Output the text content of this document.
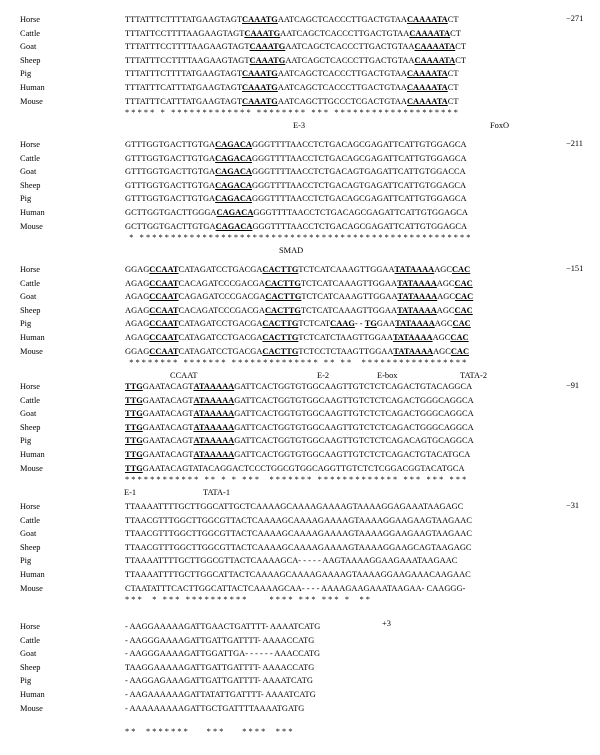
−271
Horse	TTTATTTCTTTTATGAAGTAGTCAAATGAATCAGCTCACCCTTGACTGTAACAAAATACT
Cattle	TTTATTCCTTTTAAGAAGTAGTCAAATGAATCAGCTCACCCTTGACTGTAACAAAATACT
Goat	TTTATTTCCTTTTAAGAAGTAGTCAAATGAATCAGCTCACCCTTGACTGTAACAAAATACT
Sheep	TTTATTTCCTTTTAAGAAGTAGTCAAATGAATCAGCTCACCCTTGACTGTAACAAAATACT
Pig	TTTATTTCTTTTATGAAGTAGTCAAATGAATCAGCTCACCCTTGACTGTAACAAAATACT
Human	TTTATTTCATTTATGAAGTAGTCAAATGAATCAGCTCACCCTTGACTGTAACAAAATACT
Mouse	TTTATTTCATTTATGAAGTAGTCAAATGAATCAGCTTGCCCTCGACTGTAACAAAATACT
* * * * *   *   * * * * * * * * * * * * *   * * * * * * * *   * * *   * * * * * * * * * * * * * * * * * * * *
E-3	FoxO
−211
Horse	GTTTGGTGACTTGTGACAGACAGGGTTTTAACCTCTGACAGCGAGATTCATTGTGGAGCA
Cattle	GTTTGGTGACTTGTGACAGACAGGGTTTTAACCTCTGACAGCGAGATTCATTGTGGAGCA
Goat	GTTTGGTGACTTGTGACAGACAGGGTTTTAACCTCTGACAGTGAGATTCATTGTGGACCA
Sheep	GTTTGGTGACTTGTGACAGACAGGGTTTTAACCTCTGACAGTGAGATTCATTGTGGAGCA
Pig	GTTTGGTGACTTGTGACAGACAGGGTTTTAACCTCTGACAGCGAGATTCATTGTGGAGCA
Human	GCTTGGTGACTTGGGACAGACAGGGTTTTAACCTCTGACAGCGAGATTCATTGTGGAGCA
Mouse	GCTTGGTGACTTGTGACAGACAGGGTTTTAACCTCTGACAGCGAGATTCATTGTGGAGCA
*   * * * * * * * * * * * * * * * * * * * * * * * * * * * * * * * * * * * * * * * * * * * * * * * * * * * * *
SMAD
−151
Horse	GGAGCCAATCATAGATCCTGACGACACTTGTCTCATCAAAGTTGGAATATAAAAAGCCAC
Cattle	AGAGCCAATCACAGATCCCGACGACACTTGTCTCATCAAAGTTGGAATATAAAAAGCCAC
Goat	AGAGCCAATCAGAGATCCCGACGACACTTGTCTCATCAAAGTTGGAATATAAAAAGCCAC
Sheep	AGAGCCAATCACAGATCCCGACGACACTTGTCTCATCAAAGTTGGAATATAAAAAGCCAC
Pig	AGAGCCAATCATAGATCCTGACGACACTTGTCTCATCAAG- - TGGAATATAAAAAGCCAC
Human	AGAGCCAATCATAGATCCTGACGACACTTGTCTCATCTAAGTTGGAATATAAAAAGCCAC
Mouse	GGAGCCAATCATAGATCCTGACGACACTTGTCTCCTCTAAGTTGGAATATAAAAAGCCAC
* * * * * * * *   * * * * * * *   * * * * * * * * * * * * * *   * *   * *     * * * * * * * * * * * * * * * * *
CCAAT	E-2	E-box	TATA-2
−91
Horse	TTGGAATACAGTATAAAAAGATTCACTGGTGTGGCAAGTTGTCTCTCAGACTGTACAGGCA
Cattle	TTGGAATACAGTATAAAAAGATTCACTGGTGTGGCAAGTTGTCTCTCAGACTGGGCAGGCA
Goat	TTGGAATACAGTATAAAAAGATTCACTGGTGTGGCAAGTTGTCTCTCAGACTGGGCAGGCA
Sheep	TTGGAATACAGTATAAAAAGATTCACTGGTGTGGCAAGTTGTCTCTCAGACTGGGCAGGCA
Pig	TTGGAATACAGTATAAAAAGATTCACTGGTGTGGCAAGTTGTCTCTCAGACAGTGCAGGCA
Human	TTGGAATACAGTATAAAAAGATTCACTGGTGTGGCAAGTTGTCTCTCAGACTGTACATGCA
Mouse	TTGGAATACAGTATACAGGACTCCCTGGCGTGGCAGGTTGTCTCTCGGACGGTACATGCA
* * * * * * * * * * * *   * *   *   *   * * *     * * * * * * *   * * * * * * * * * * * * *   * * *   * * *   * * *
E-1	TATA-1
−31
Horse	TTAAAATTTTGCTTGGCATTGCTCAAAAGCAAAAGAAAAGTAAAAGGAGAAATAAGAGC
Cattle	TTAACGTTTGGCTTGGCGTTACTCAAAAGCAAAAGAAAAGTAAAAGGAAGAAGTAAGAAC
Goat	TTAACGTTTGGCTTGGCGTTACTCAAAAGCAAAAGAAAAGTAAAAGGAAGAAGTAAGAAC
Sheep	TTAACGTTTGGCTTGGCGTTACTCAAAAGCAAAAGAAAAGTAAAAGGAAGCAGTAAGAGC
Pig	TTAAAATTTTGCTTGGCGTTACTCAAAAGCA- - - - - AAGTAAAAGGAAGAAATAAGAAC
Human	TTAAAATTTTGCTTGGCATTACTCAAAAGCAAAAGAAAAGTAAAAGGAAGAAACAAGAAC
Mouse	CTAATATTTCACTTGGCATTACTCAAAAGCAA- - - - AAAAGAAGAAATAAGAA- CAAGGG-
* * *     *   * * *   * * * * * * * * * *           * * * *   * * *   * * *   *     * *
+3
Horse	- AAGGAAAAAGATTGAACTGATTTT- AAAATCATG
Cattle	- AAGGGAAAAGATTGATTGATTTT- AAAACCATG
Goat	- AAGGGAAAAGATTGGATTGA- - - - - - AAACCATG
Sheep	TAAGGAAAAAGATTGATTGATTTT- AAAACCATG
Pig	- AAGGAGAAAGATTGATTGATTTT- AAAATCATG
Human	- AAGAAAAAAGATTATATTGATTTT- AAAATCATG
Mouse	- AAAAAAAAAGATTGCTGATTTTAAAATGATG
* *     * * * * * * *         * * *         * * * *     * * *
